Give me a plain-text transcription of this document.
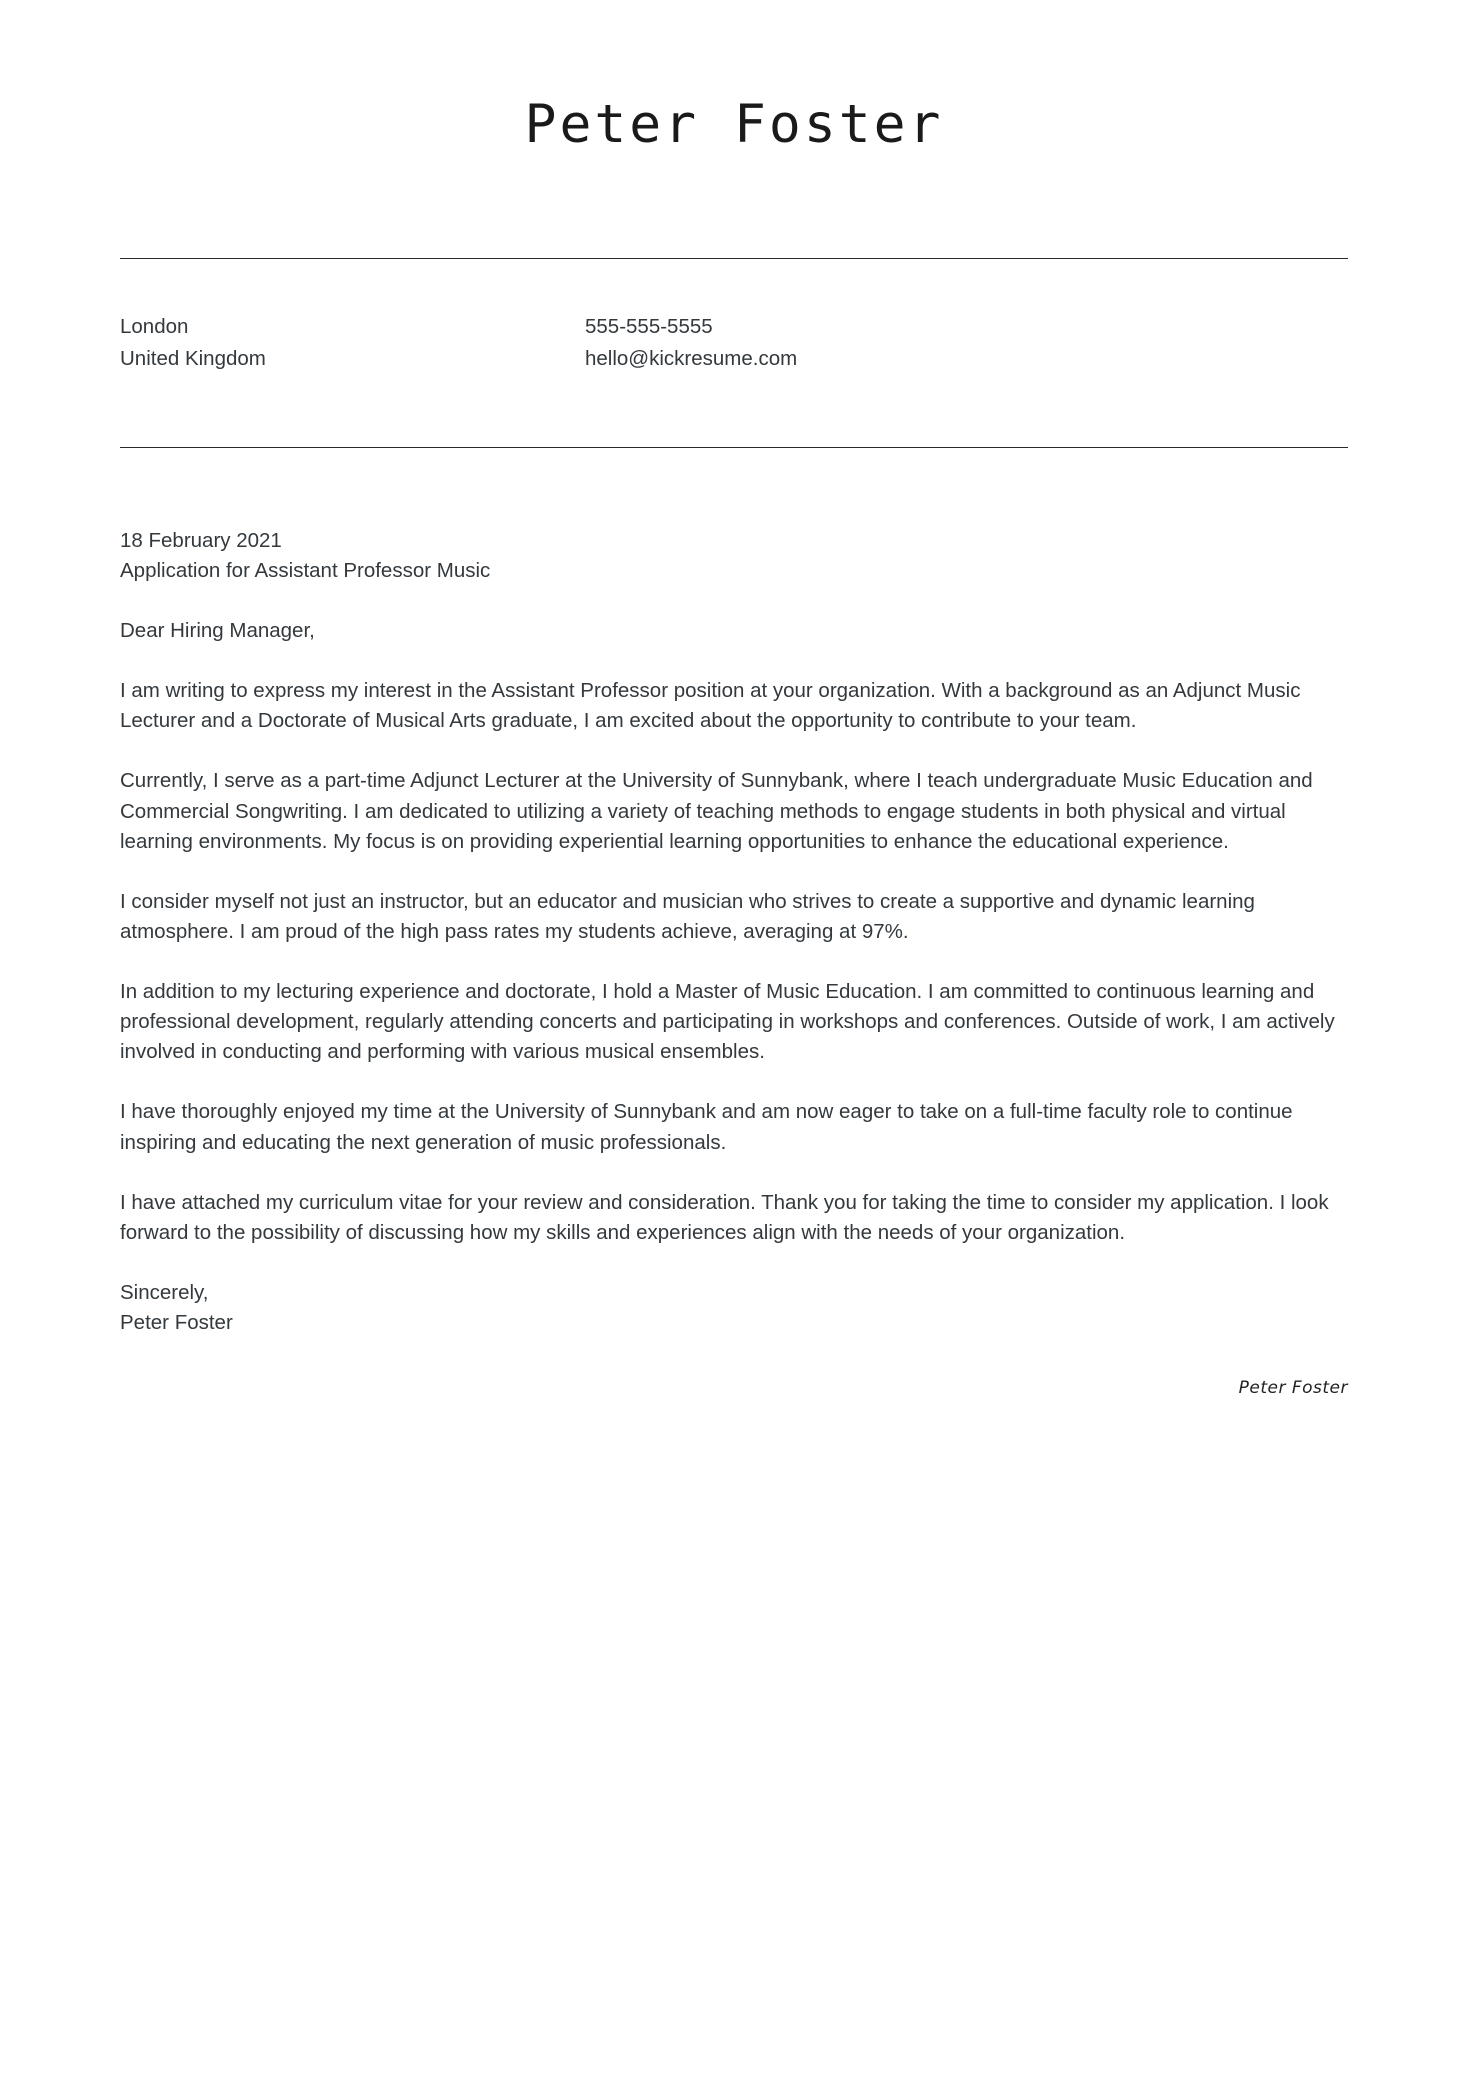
Peter Foster
London
United Kingdom
555-555-5555
hello@kickresume.com
18 February 2021
Application for Assistant Professor Music

Dear Hiring Manager,

I am writing to express my interest in the Assistant Professor position at your organization. With a background as an Adjunct Music Lecturer and a Doctorate of Musical Arts graduate, I am excited about the opportunity to contribute to your team.

Currently, I serve as a part-time Adjunct Lecturer at the University of Sunnybank, where I teach undergraduate Music Education and Commercial Songwriting. I am dedicated to utilizing a variety of teaching methods to engage students in both physical and virtual learning environments. My focus is on providing experiential learning opportunities to enhance the educational experience.

I consider myself not just an instructor, but an educator and musician who strives to create a supportive and dynamic learning atmosphere. I am proud of the high pass rates my students achieve, averaging at 97%.

In addition to my lecturing experience and doctorate, I hold a Master of Music Education. I am committed to continuous learning and professional development, regularly attending concerts and participating in workshops and conferences. Outside of work, I am actively involved in conducting and performing with various musical ensembles.

I have thoroughly enjoyed my time at the University of Sunnybank and am now eager to take on a full-time faculty role to continue inspiring and educating the next generation of music professionals.

I have attached my curriculum vitae for your review and consideration. Thank you for taking the time to consider my application. I look forward to the possibility of discussing how my skills and experiences align with the needs of your organization.

Sincerely,
Peter Foster
Peter Foster
